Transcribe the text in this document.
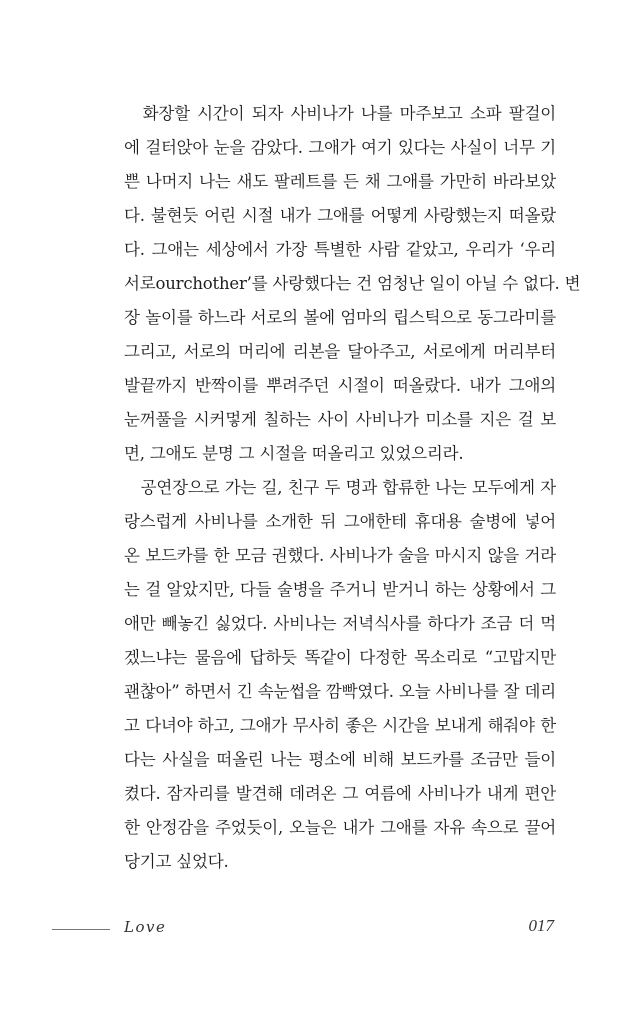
　화장할 시간이 되자 사비나가 나를 마주보고 소파 팔걸이
에 걸터앉아 눈을 감았다. 그애가 여기 있다는 사실이 너무 기
쁜 나머지 나는 새도 팔레트를 든 채 그애를 가만히 바라보았
다. 불현듯 어린 시절 내가 그애를 어떻게 사랑했는지 떠올랐
다. 그애는 세상에서 가장 특별한 사람 같았고, 우리가 ‘우리
서로ourchother’를 사랑했다는 건 엄청난 일이 아닐 수 없다. 변
장 놀이를 하느라 서로의 볼에 엄마의 립스틱으로 동그라미를
그리고, 서로의 머리에 리본을 달아주고, 서로에게 머리부터
발끝까지 반짝이를 뿌려주던 시절이 떠올랐다. 내가 그애의
눈꺼풀을 시커멓게 칠하는 사이 사비나가 미소를 지은 걸 보
면, 그애도 분명 그 시절을 떠올리고 있었으리라.

　공연장으로 가는 길, 친구 두 명과 합류한 나는 모두에게 자
랑스럽게 사비나를 소개한 뒤 그애한테 휴대용 술병에 넣어
온 보드카를 한 모금 권했다. 사비나가 술을 마시지 않을 거라
는 걸 알았지만, 다들 술병을 주거니 받거니 하는 상황에서 그
애만 빼놓긴 싫었다. 사비나는 저녁식사를 하다가 조금 더 먹
겠느냐는 물음에 답하듯 똑같이 다정한 목소리로 “고맙지만
괜찮아” 하면서 긴 속눈썹을 깜빡였다. 오늘 사비나를 잘 데리
고 다녀야 하고, 그애가 무사히 좋은 시간을 보내게 해줘야 한
다는 사실을 떠올린 나는 평소에 비해 보드카를 조금만 들이
켰다. 잠자리를 발견해 데려온 그 여름에 사비나가 내게 편안
한 안정감을 주었듯이, 오늘은 내가 그애를 자유 속으로 끌어
당기고 싶었다.

Love	017
